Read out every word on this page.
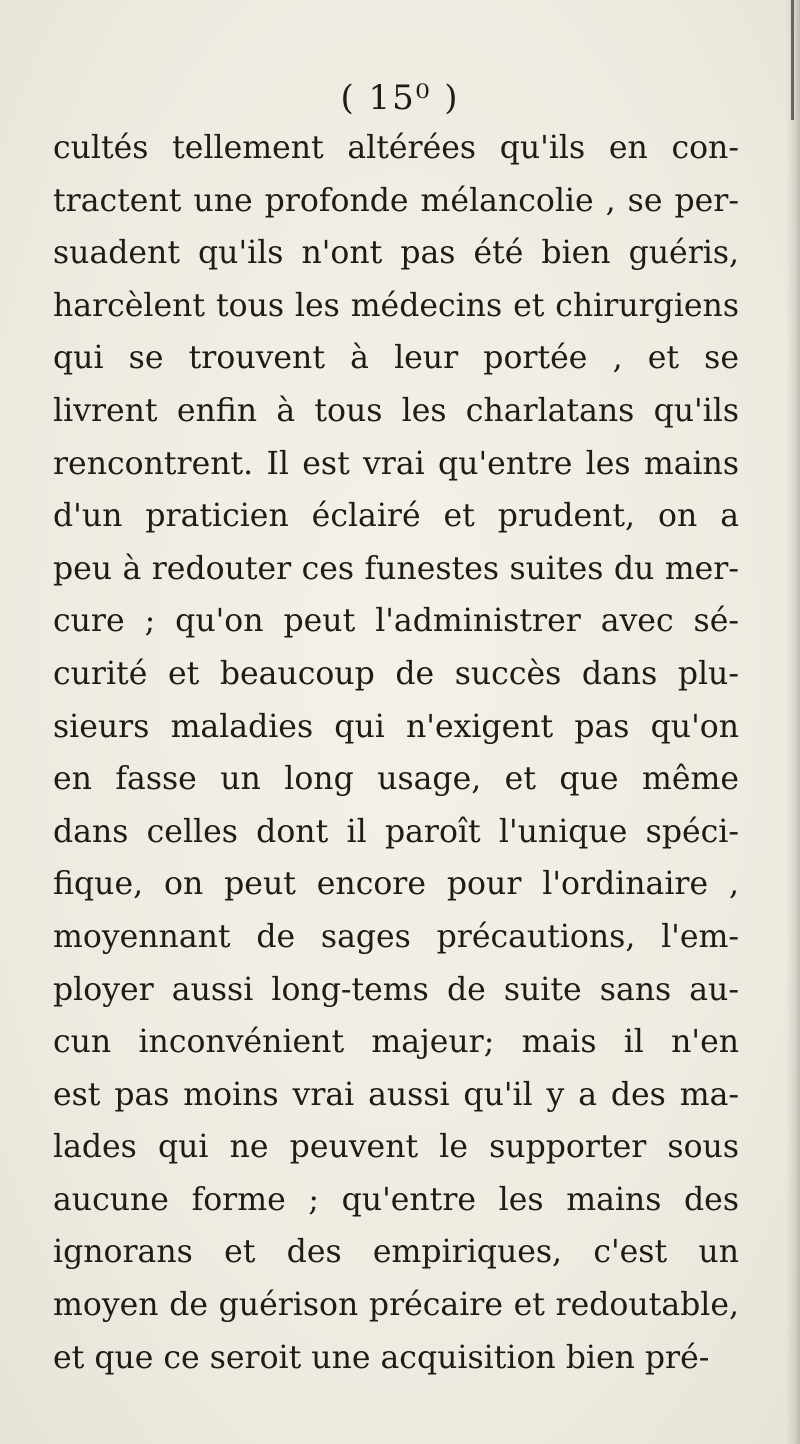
( 15⁰ )
cultés tellement altérées qu'ils en con-
tractent une profonde mélancolie , se per-
suadent qu'ils n'ont pas été bien guéris,
harcèlent tous les médecins et chirurgiens
qui se trouvent à leur portée , et se
livrent enfin à tous les charlatans qu'ils
rencontrent. Il est vrai qu'entre les mains
d'un praticien éclairé et prudent, on a
peu à redouter ces funestes suites du mer-
cure ; qu'on peut l'administrer avec sé-
curité et beaucoup de succès dans plu-
sieurs maladies qui n'exigent pas qu'on
en fasse un long usage, et que même
dans celles dont il paroît l'unique spéci-
fique, on peut encore pour l'ordinaire ,
moyennant de sages précautions, l'em-
ployer aussi long-tems de suite sans au-
cun inconvénient majeur; mais il n'en
est pas moins vrai aussi qu'il y a des ma-
lades qui ne peuvent le supporter sous
aucune forme ; qu'entre les mains des
ignorans et des empiriques, c'est un
moyen de guérison précaire et redoutable,
et que ce seroit une acquisition bien pré-
